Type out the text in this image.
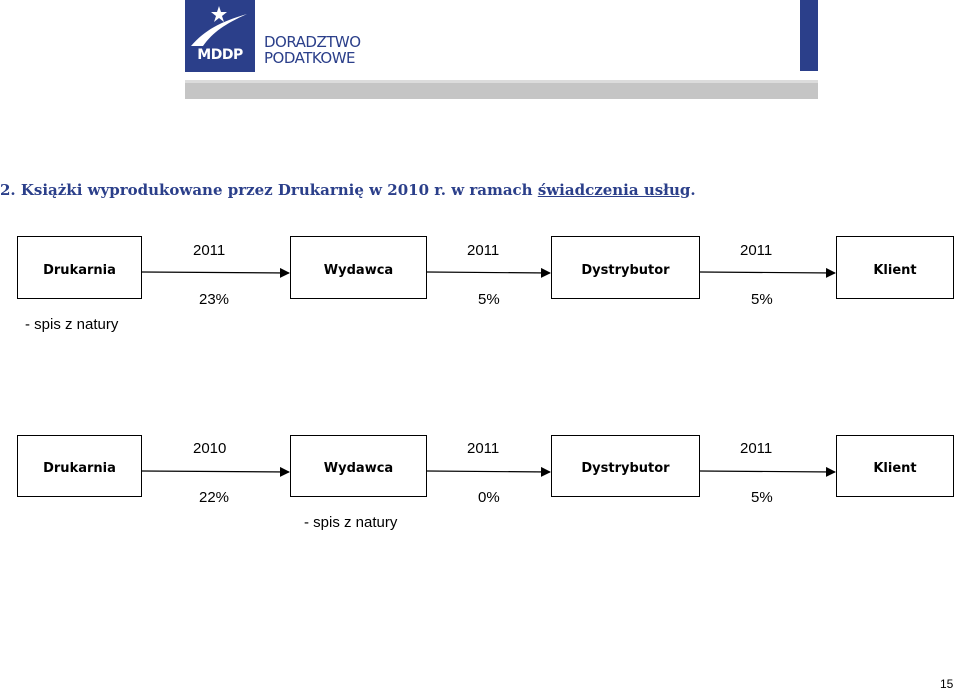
MDDP
DORADZTWO
PODATKOWE
2. Książki wyprodukowane przez Drukarnię w 2010 r. w ramach świadczenia usług.
Drukarnia	Wydawca	Dystrybutor	Klient
2011	2011	2011
23%	5%	5%
- spis z natury
Drukarnia	Wydawca	Dystrybutor	Klient
2010	2011	2011
22%	0%	5%
- spis z natury
15
